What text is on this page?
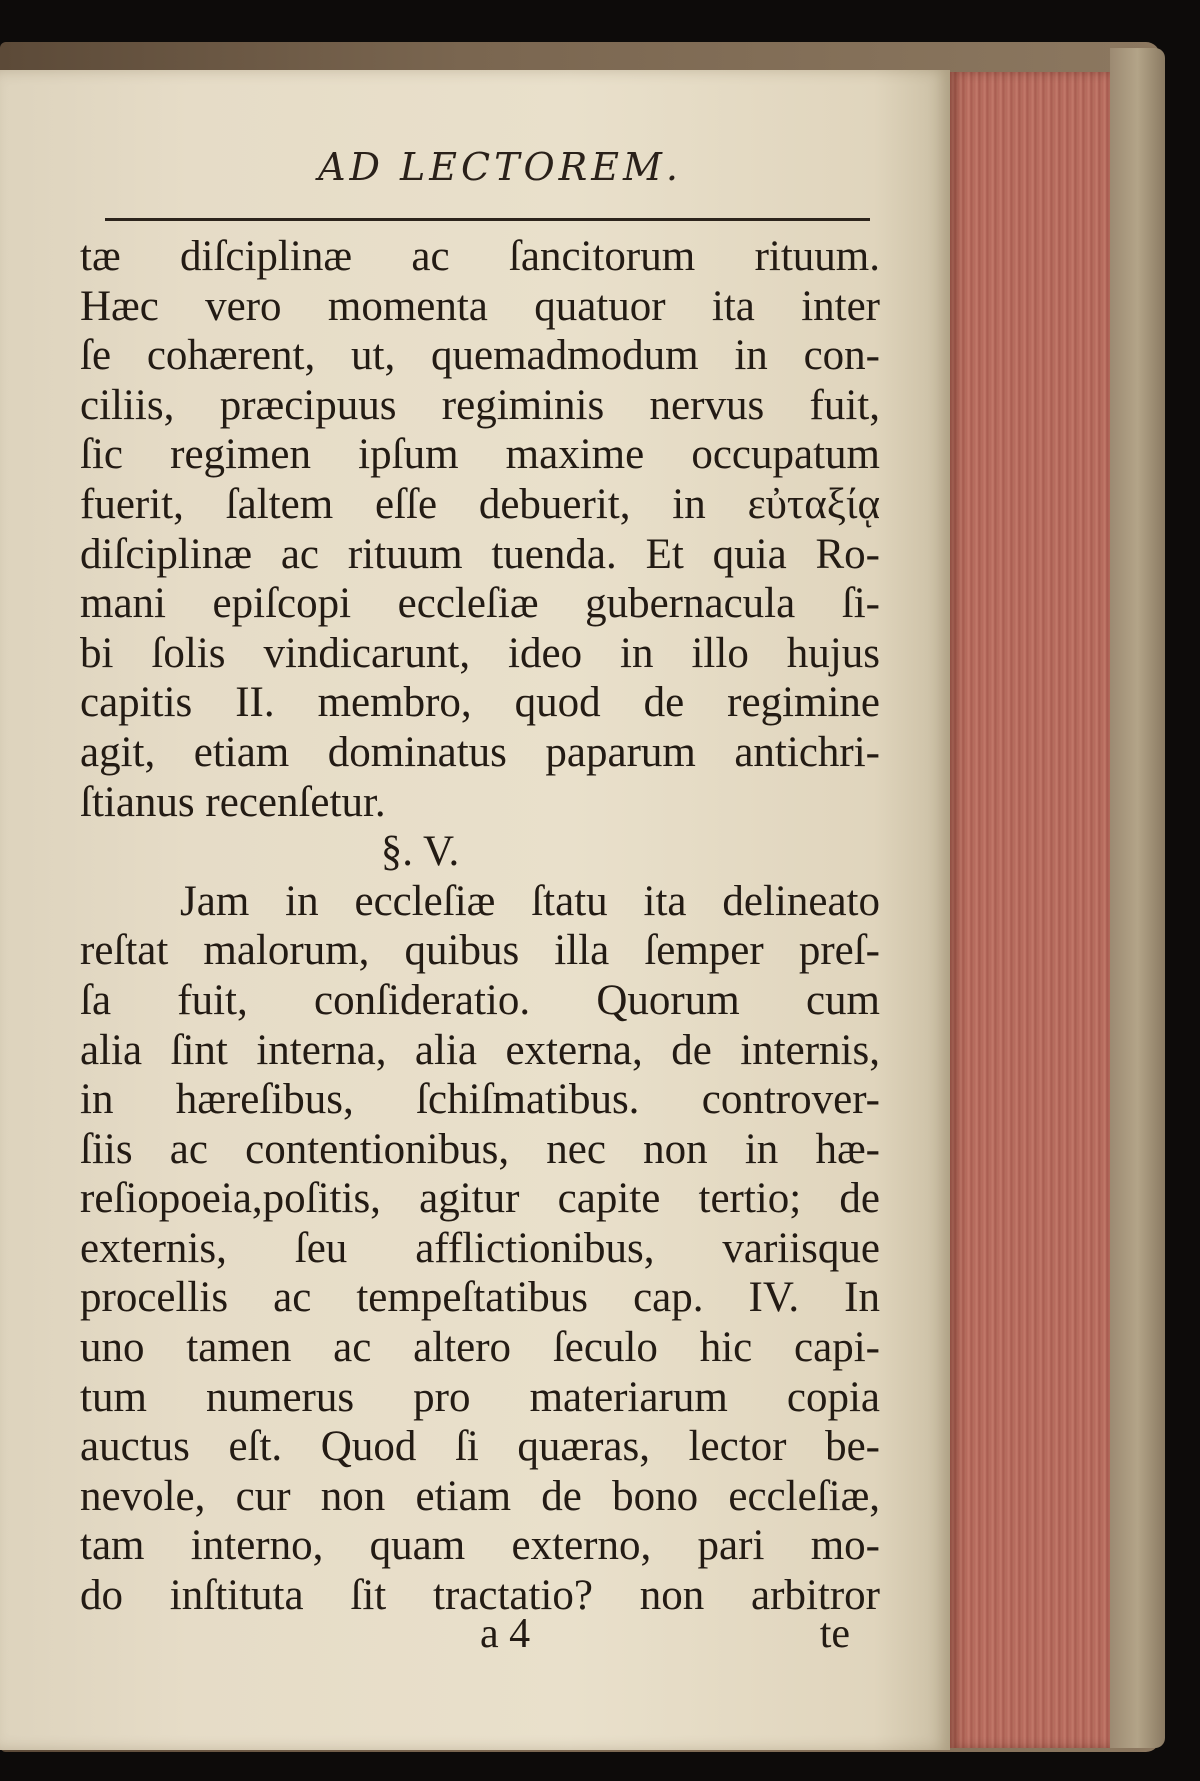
AD LECTOREM.
tæ diſciplinæ ac ſancitorum rituum.
Hæc vero momenta quatuor ita inter
ſe cohærent, ut, quemadmodum in con-
ciliis, præcipuus regiminis nervus fuit,
ſic regimen ipſum maxime occupatum
fuerit, ſaltem eſſe debuerit, in εὐταξίᾳ
diſciplinæ ac rituum tuenda. Et quia Ro-
mani epiſcopi eccleſiæ gubernacula ſi-
bi ſolis vindicarunt, ideo in illo hujus
capitis II. membro, quod de regimine
agit, etiam dominatus paparum antichri-
ſtianus recenſetur.
§. V.
Jam in eccleſiæ ſtatu ita delineato
reſtat malorum, quibus illa ſemper preſ-
ſa fuit, conſideratio. Quorum cum
alia ſint interna, alia externa, de internis,
in hæreſibus, ſchiſmatibus. controver-
ſiis ac contentionibus, nec non in hæ-
reſiopoeia,poſitis, agitur capite tertio; de
externis, ſeu afflictionibus, variisque
procellis ac tempeſtatibus cap. IV. In
uno tamen ac altero ſeculo hic capi-
tum numerus pro materiarum copia
auctus eſt. Quod ſi quæras, lector be-
nevole, cur non etiam de bono eccleſiæ,
tam interno, quam externo, pari mo-
do inſtituta ſit tractatio? non arbitror
a 4	te
